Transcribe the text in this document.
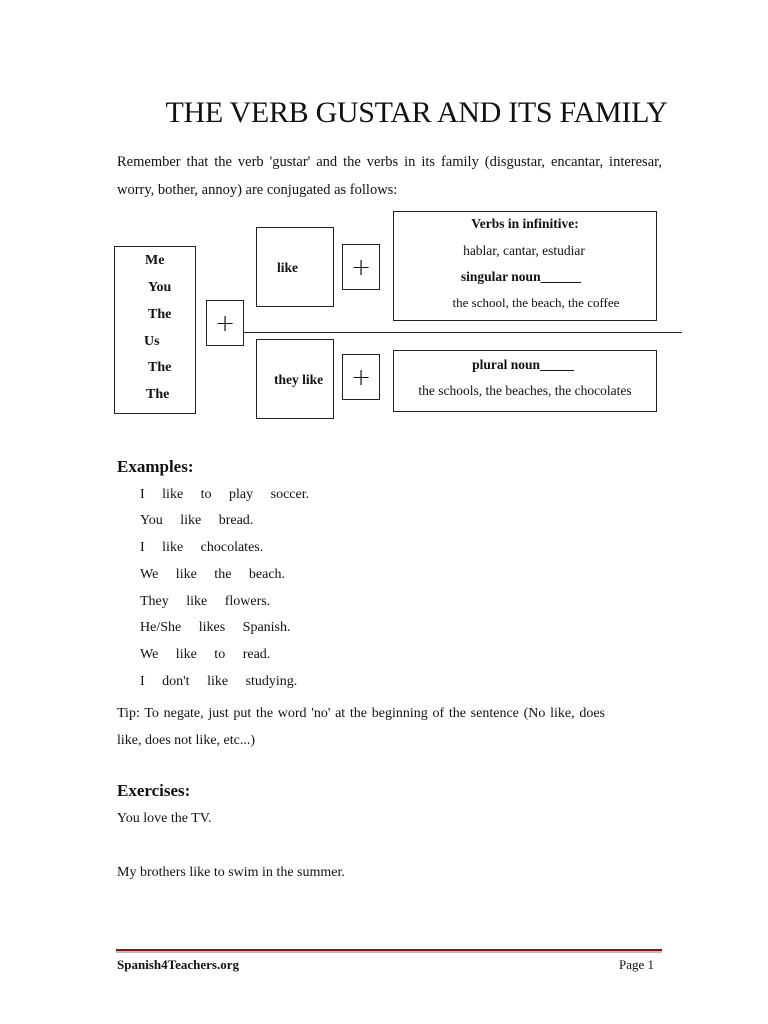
THE VERB GUSTAR AND ITS FAMILY
Remember that the verb 'gustar' and the verbs in its family (disgustar, encantar, interesar, worry, bother, annoy) are conjugated as follows:
Me
You
The
Us
The
The
+
like
they like
+
+
Verbs in infinitive:
hablar, cantar, estudiar
singular noun______
the school, the beach, the coffee
plural noun_____
the schools, the beaches, the chocolates
Examples:
I like to play soccer.
You like bread.
I like chocolates.
We like the beach.
They like flowers.
He/She likes Spanish.
We like to read.
I don't like studying.
Tip: To negate, just put the word 'no' at the beginning of the sentence (No like, does like, does not like, etc...)
Exercises:
You love the TV.
My brothers like to swim in the summer.
Spanish4Teachers.org	Page 1
